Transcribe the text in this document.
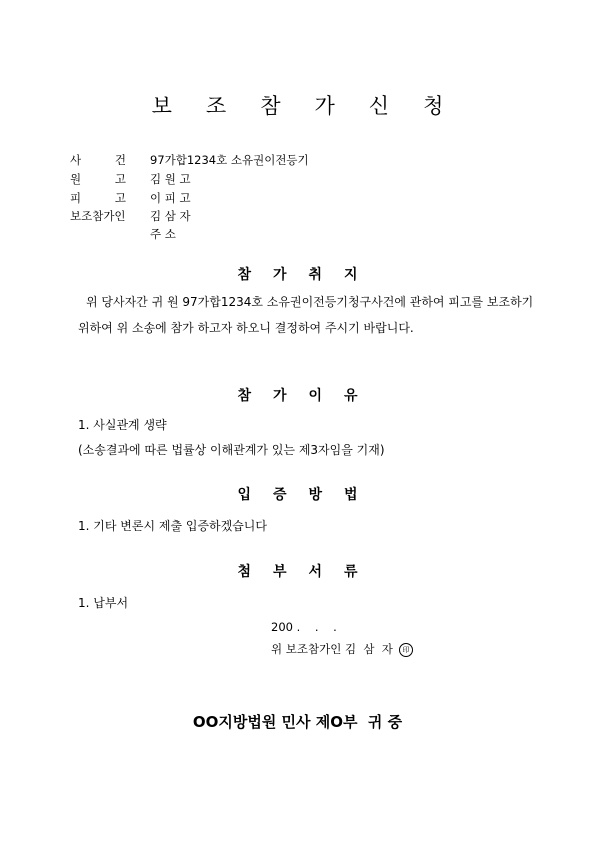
보조참가신청
사	건 97가합1234호 소유권이전등기
원	고 김 원 고
피	고 이 피 고
보조참가인 김 삼 자
주 소
참가취지
위 당사자간 귀 원 97가합1234호 소유권이전등기청구사건에 관하여 피고를 보조하기 위하여 위 소송에 참가 하고자 하오니 결정하여 주시기 바랍니다.
참가이유
1. 사실관계 생략
(소송결과에 따른 법률상 이해관계가 있는 제3자임을 기재)
입증방법
1. 기타 변론시 제출 입증하겠습니다
첨부서류
1. 납부서
200 .    .    .
위 보조참가인 김  삼  자 印
OO지방법원 민사 제O부  귀 중
